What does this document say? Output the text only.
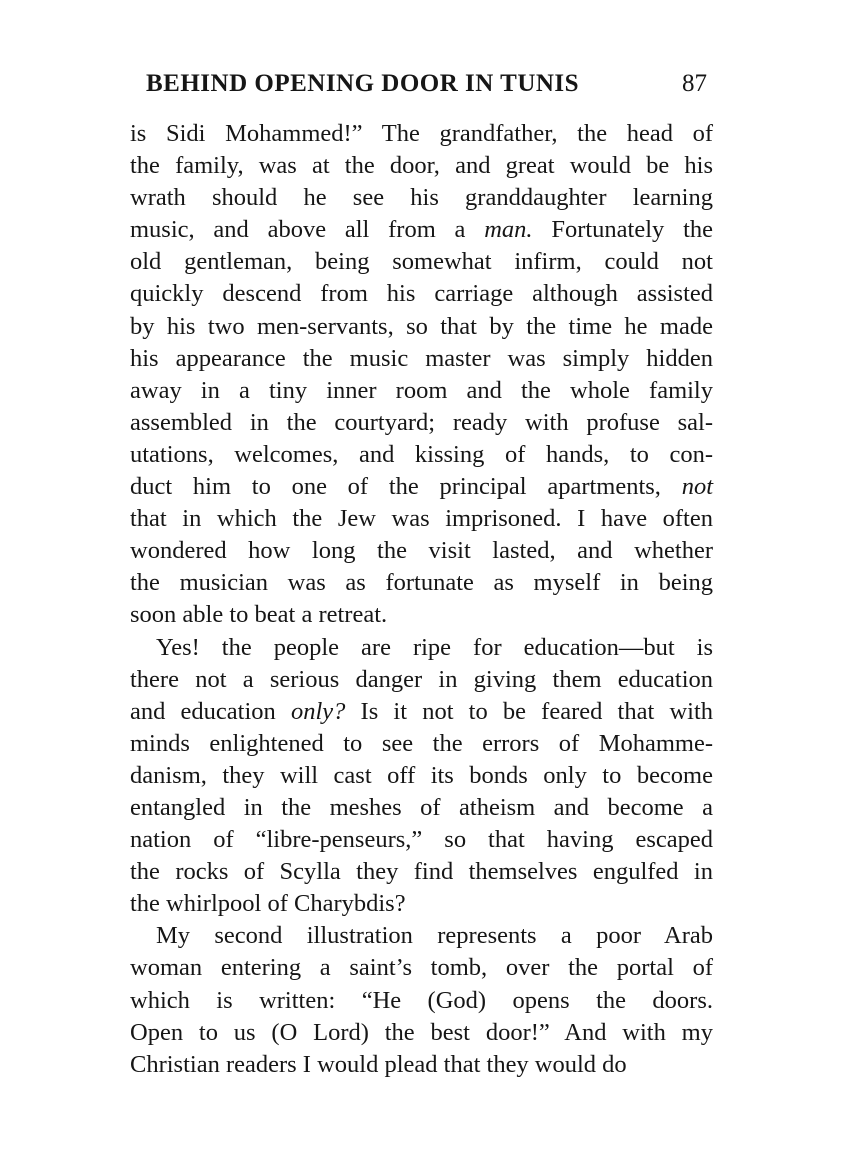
BEHIND OPENING DOOR IN TUNIS	87
is Sidi Mohammed!” The grandfather, the head of
the family, was at the door, and great would be his
wrath should he see his granddaughter learning
music, and above all from a man. Fortunately the
old gentleman, being somewhat infirm, could not
quickly descend from his carriage although assisted
by his two men-servants, so that by the time he made
his appearance the music master was simply hidden
away in a tiny inner room and the whole family
assembled in the courtyard; ready with profuse sal-
utations, welcomes, and kissing of hands, to con-
duct him to one of the principal apartments, not
that in which the Jew was imprisoned. I have often
wondered how long the visit lasted, and whether
the musician was as fortunate as myself in being
soon able to beat a retreat.
Yes! the people are ripe for education—but is
there not a serious danger in giving them education
and education only? Is it not to be feared that with
minds enlightened to see the errors of Mohamme-
danism, they will cast off its bonds only to become
entangled in the meshes of atheism and become a
nation of “libre-penseurs,” so that having escaped
the rocks of Scylla they find themselves engulfed in
the whirlpool of Charybdis?
My second illustration represents a poor Arab
woman entering a saint’s tomb, over the portal of
which is written: “He (God) opens the doors.
Open to us (O Lord) the best door!” And with my
Christian readers I would plead that they would do
